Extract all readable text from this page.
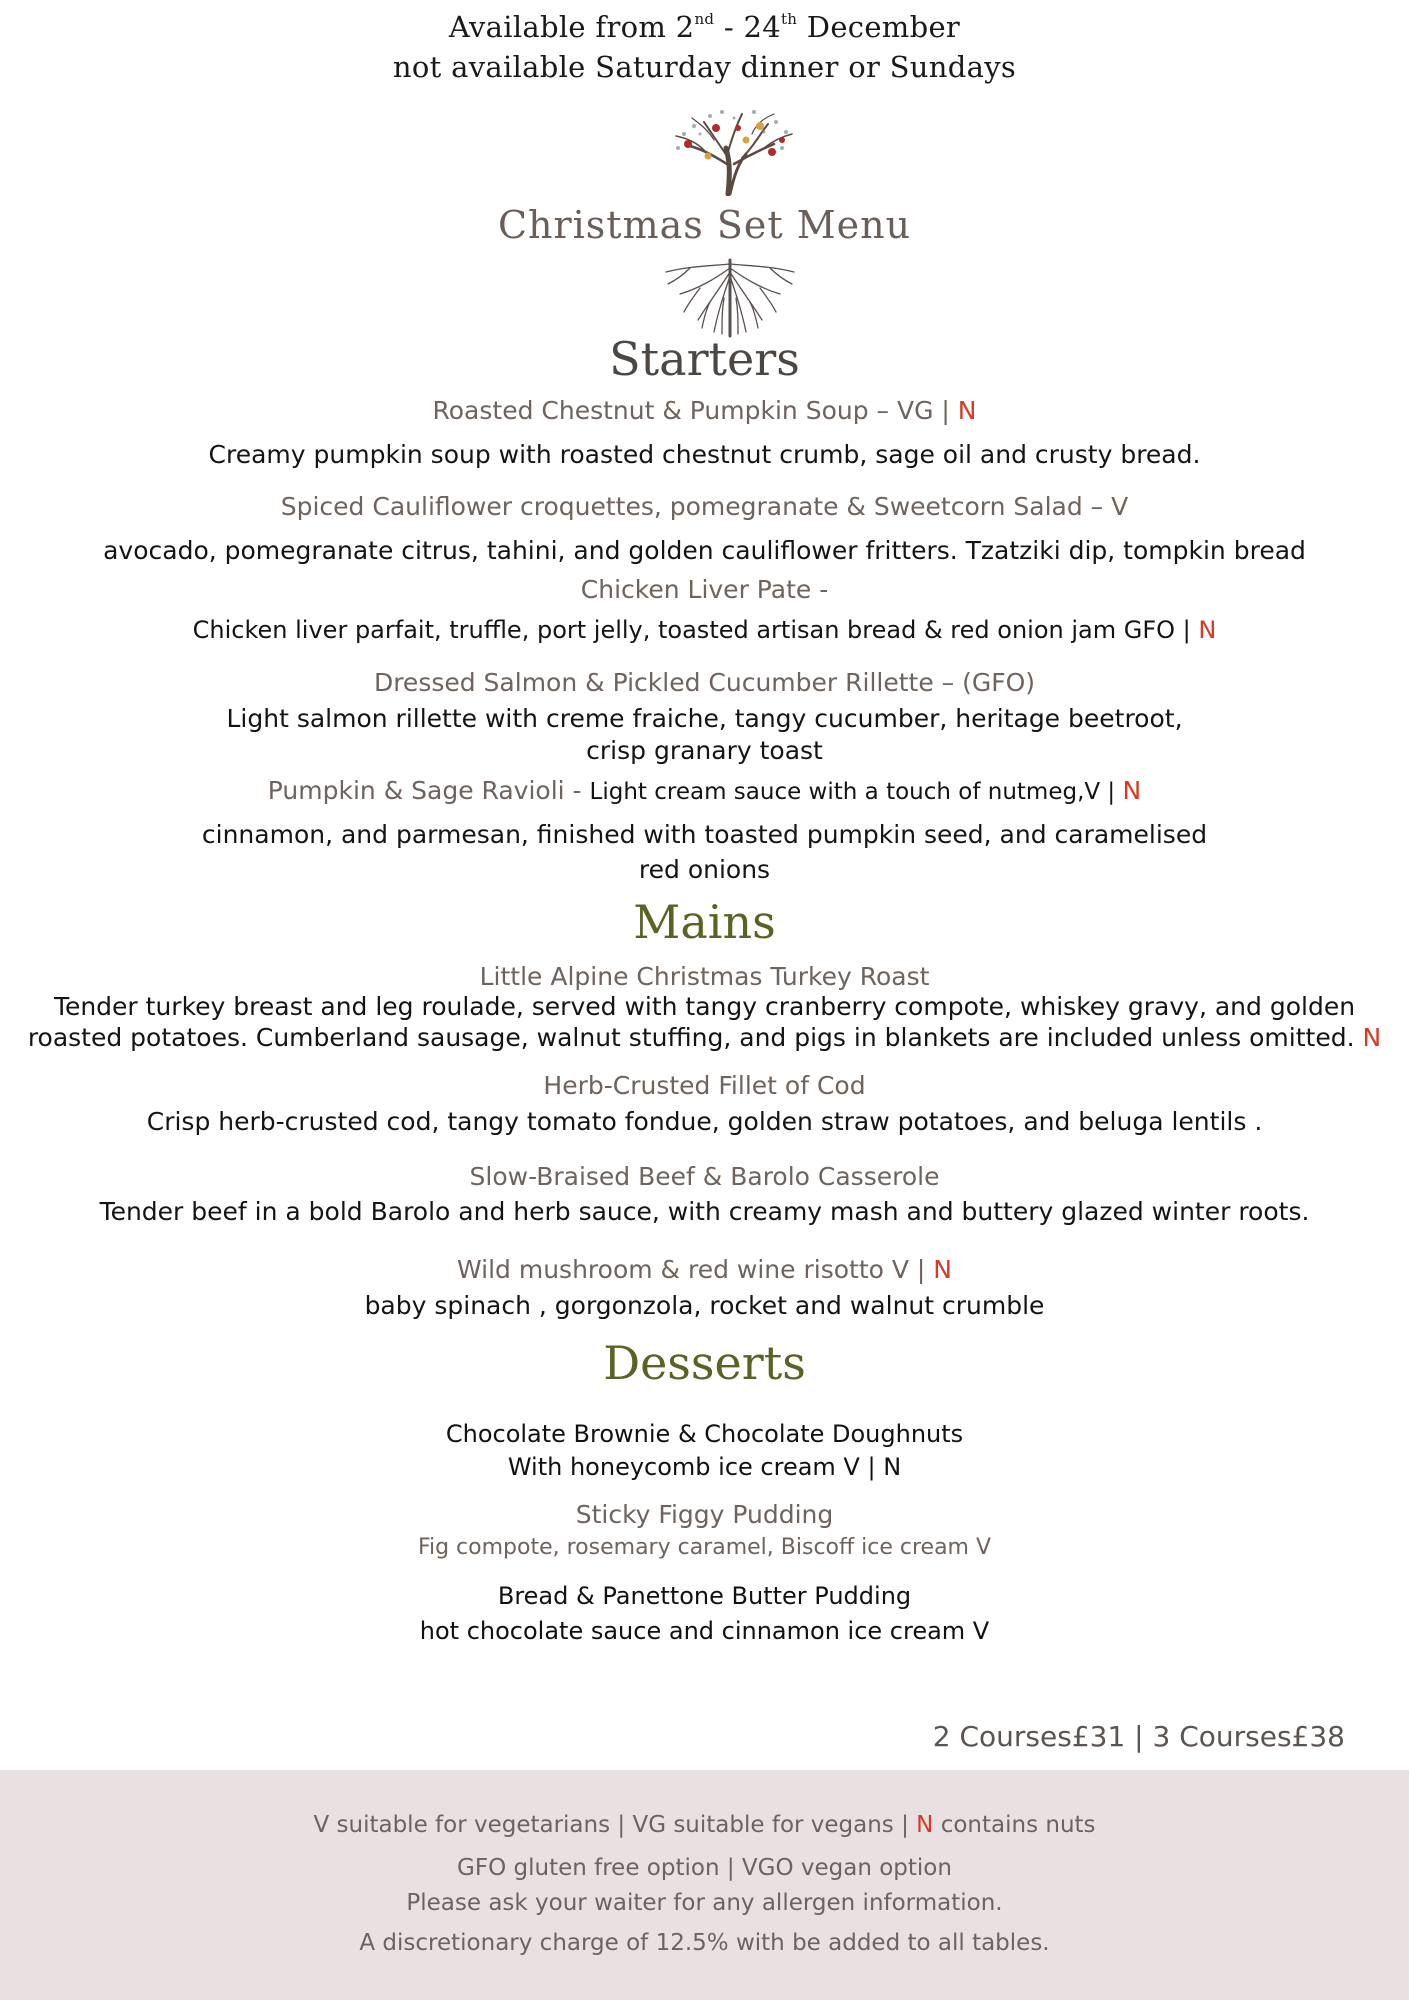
Available from 2nd - 24th December
not available Saturday dinner or Sundays
Christmas Set Menu
Starters
Roasted Chestnut & Pumpkin Soup – VG | N
Creamy pumpkin soup with roasted chestnut crumb, sage oil and crusty bread.
Spiced Cauliflower croquettes, pomegranate & Sweetcorn Salad – V
avocado, pomegranate citrus, tahini, and golden cauliflower fritters. Tzatziki dip, tompkin bread
Chicken Liver Pate -
Chicken liver parfait, truffle, port jelly, toasted artisan bread & red onion jam GFO | N
Dressed Salmon & Pickled Cucumber Rillette – (GFO)
Light salmon rillette with creme fraiche, tangy cucumber, heritage beetroot,
crisp granary toast
Pumpkin & Sage Ravioli - Light cream sauce with a touch of nutmeg,V | N
cinnamon, and parmesan, finished with toasted pumpkin seed, and caramelised
red onions
Mains
Little Alpine Christmas Turkey Roast
Tender turkey breast and leg roulade, served with tangy cranberry compote, whiskey gravy, and golden
roasted potatoes. Cumberland sausage, walnut stuffing, and pigs in blankets are included unless omitted. N
Herb-Crusted Fillet of Cod
Crisp herb-crusted cod, tangy tomato fondue, golden straw potatoes, and beluga lentils .
Slow-Braised Beef & Barolo Casserole
Tender beef in a bold Barolo and herb sauce, with creamy mash and buttery glazed winter roots.
Wild mushroom & red wine risotto V | N
baby spinach , gorgonzola, rocket and walnut crumble
Desserts
Chocolate Brownie & Chocolate Doughnuts
With honeycomb ice cream V | N
Sticky Figgy Pudding
Fig compote, rosemary caramel, Biscoff ice cream V
Bread & Panettone Butter Pudding
hot chocolate sauce and cinnamon ice cream V
2 Courses£31 | 3 Courses£38
V suitable for vegetarians | VG suitable for vegans | N contains nuts
GFO gluten free option | VGO vegan option
Please ask your waiter for any allergen information.
A discretionary charge of 12.5% with be added to all tables.
